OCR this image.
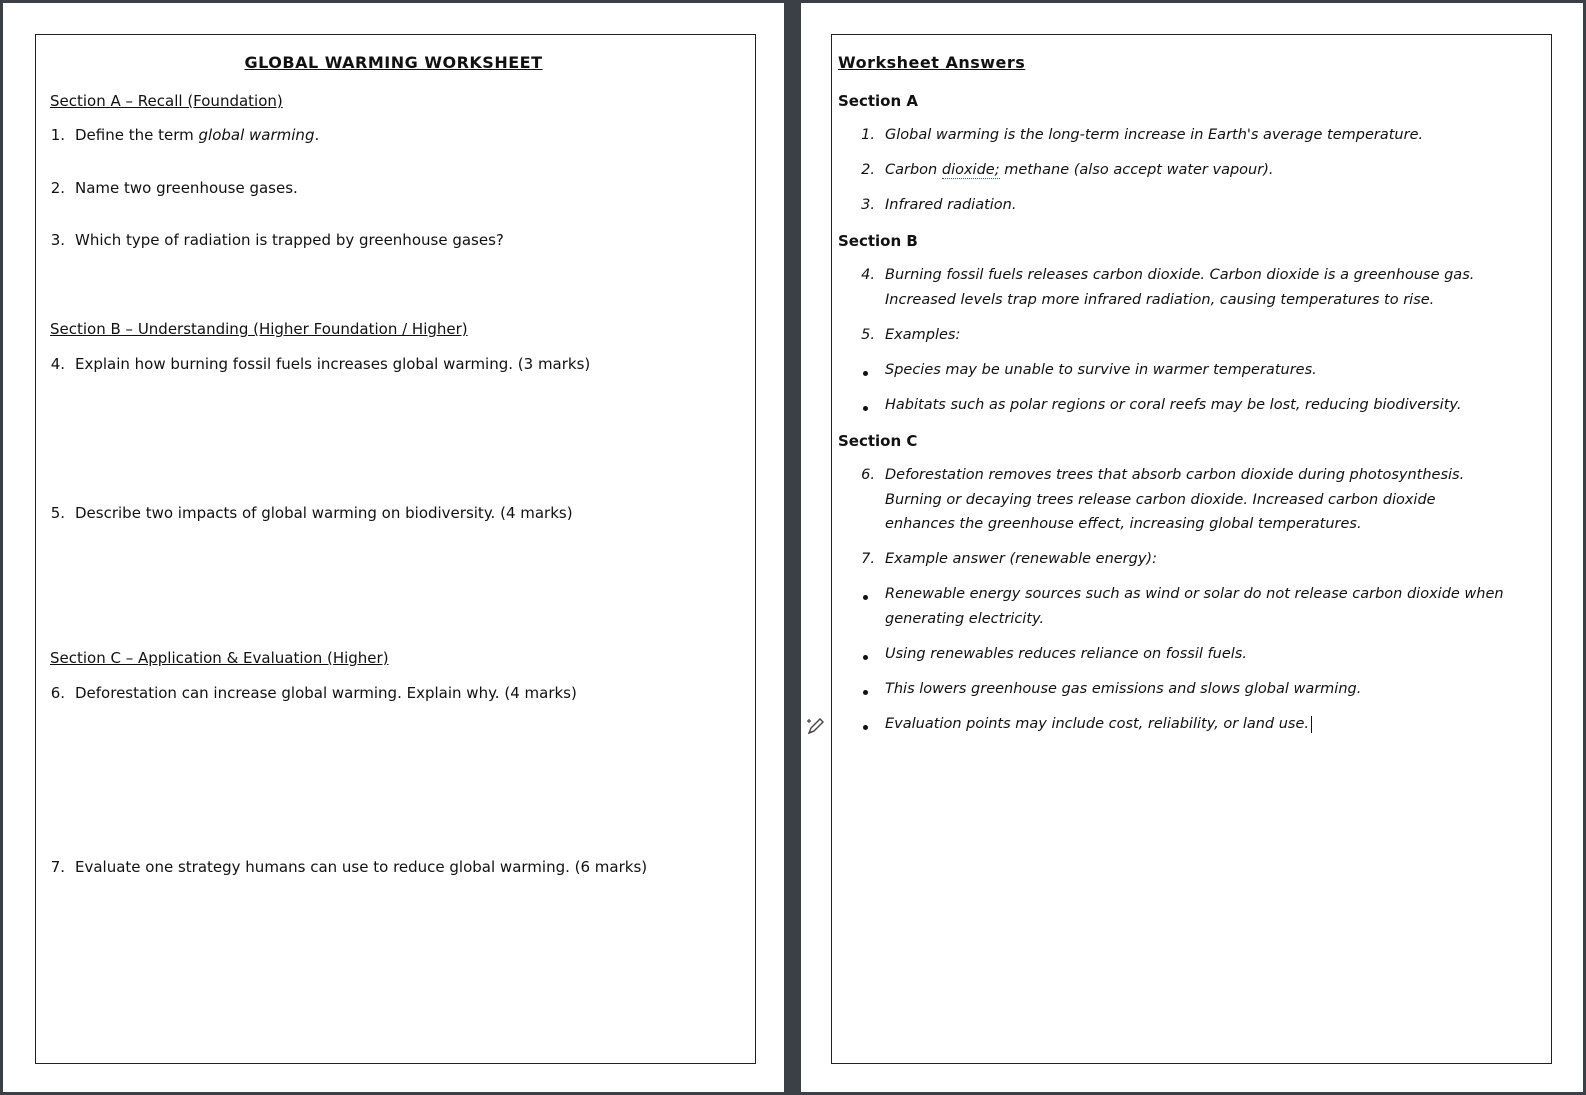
GLOBAL WARMING WORKSHEET
Section A – Recall (Foundation)
1. Define the term global warming.
2. Name two greenhouse gases.
3. Which type of radiation is trapped by greenhouse gases?
Section B – Understanding (Higher Foundation / Higher)
4. Explain how burning fossil fuels increases global warming. (3 marks)
5. Describe two impacts of global warming on biodiversity. (4 marks)
Section C – Application & Evaluation (Higher)
6. Deforestation can increase global warming. Explain why. (4 marks)
7. Evaluate one strategy humans can use to reduce global warming. (6 marks)
Worksheet Answers
Section A
1. Global warming is the long-term increase in Earth's average temperature.
2. Carbon dioxide; methane (also accept water vapour).
3. Infrared radiation.
Section B
4. Burning fossil fuels releases carbon dioxide. Carbon dioxide is a greenhouse gas. Increased levels trap more infrared radiation, causing temperatures to rise.
5. Examples:
Species may be unable to survive in warmer temperatures.
Habitats such as polar regions or coral reefs may be lost, reducing biodiversity.
Section C
6. Deforestation removes trees that absorb carbon dioxide during photosynthesis. Burning or decaying trees release carbon dioxide. Increased carbon dioxide enhances the greenhouse effect, increasing global temperatures.
7. Example answer (renewable energy):
Renewable energy sources such as wind or solar do not release carbon dioxide when generating electricity.
Using renewables reduces reliance on fossil fuels.
This lowers greenhouse gas emissions and slows global warming.
Evaluation points may include cost, reliability, or land use.
